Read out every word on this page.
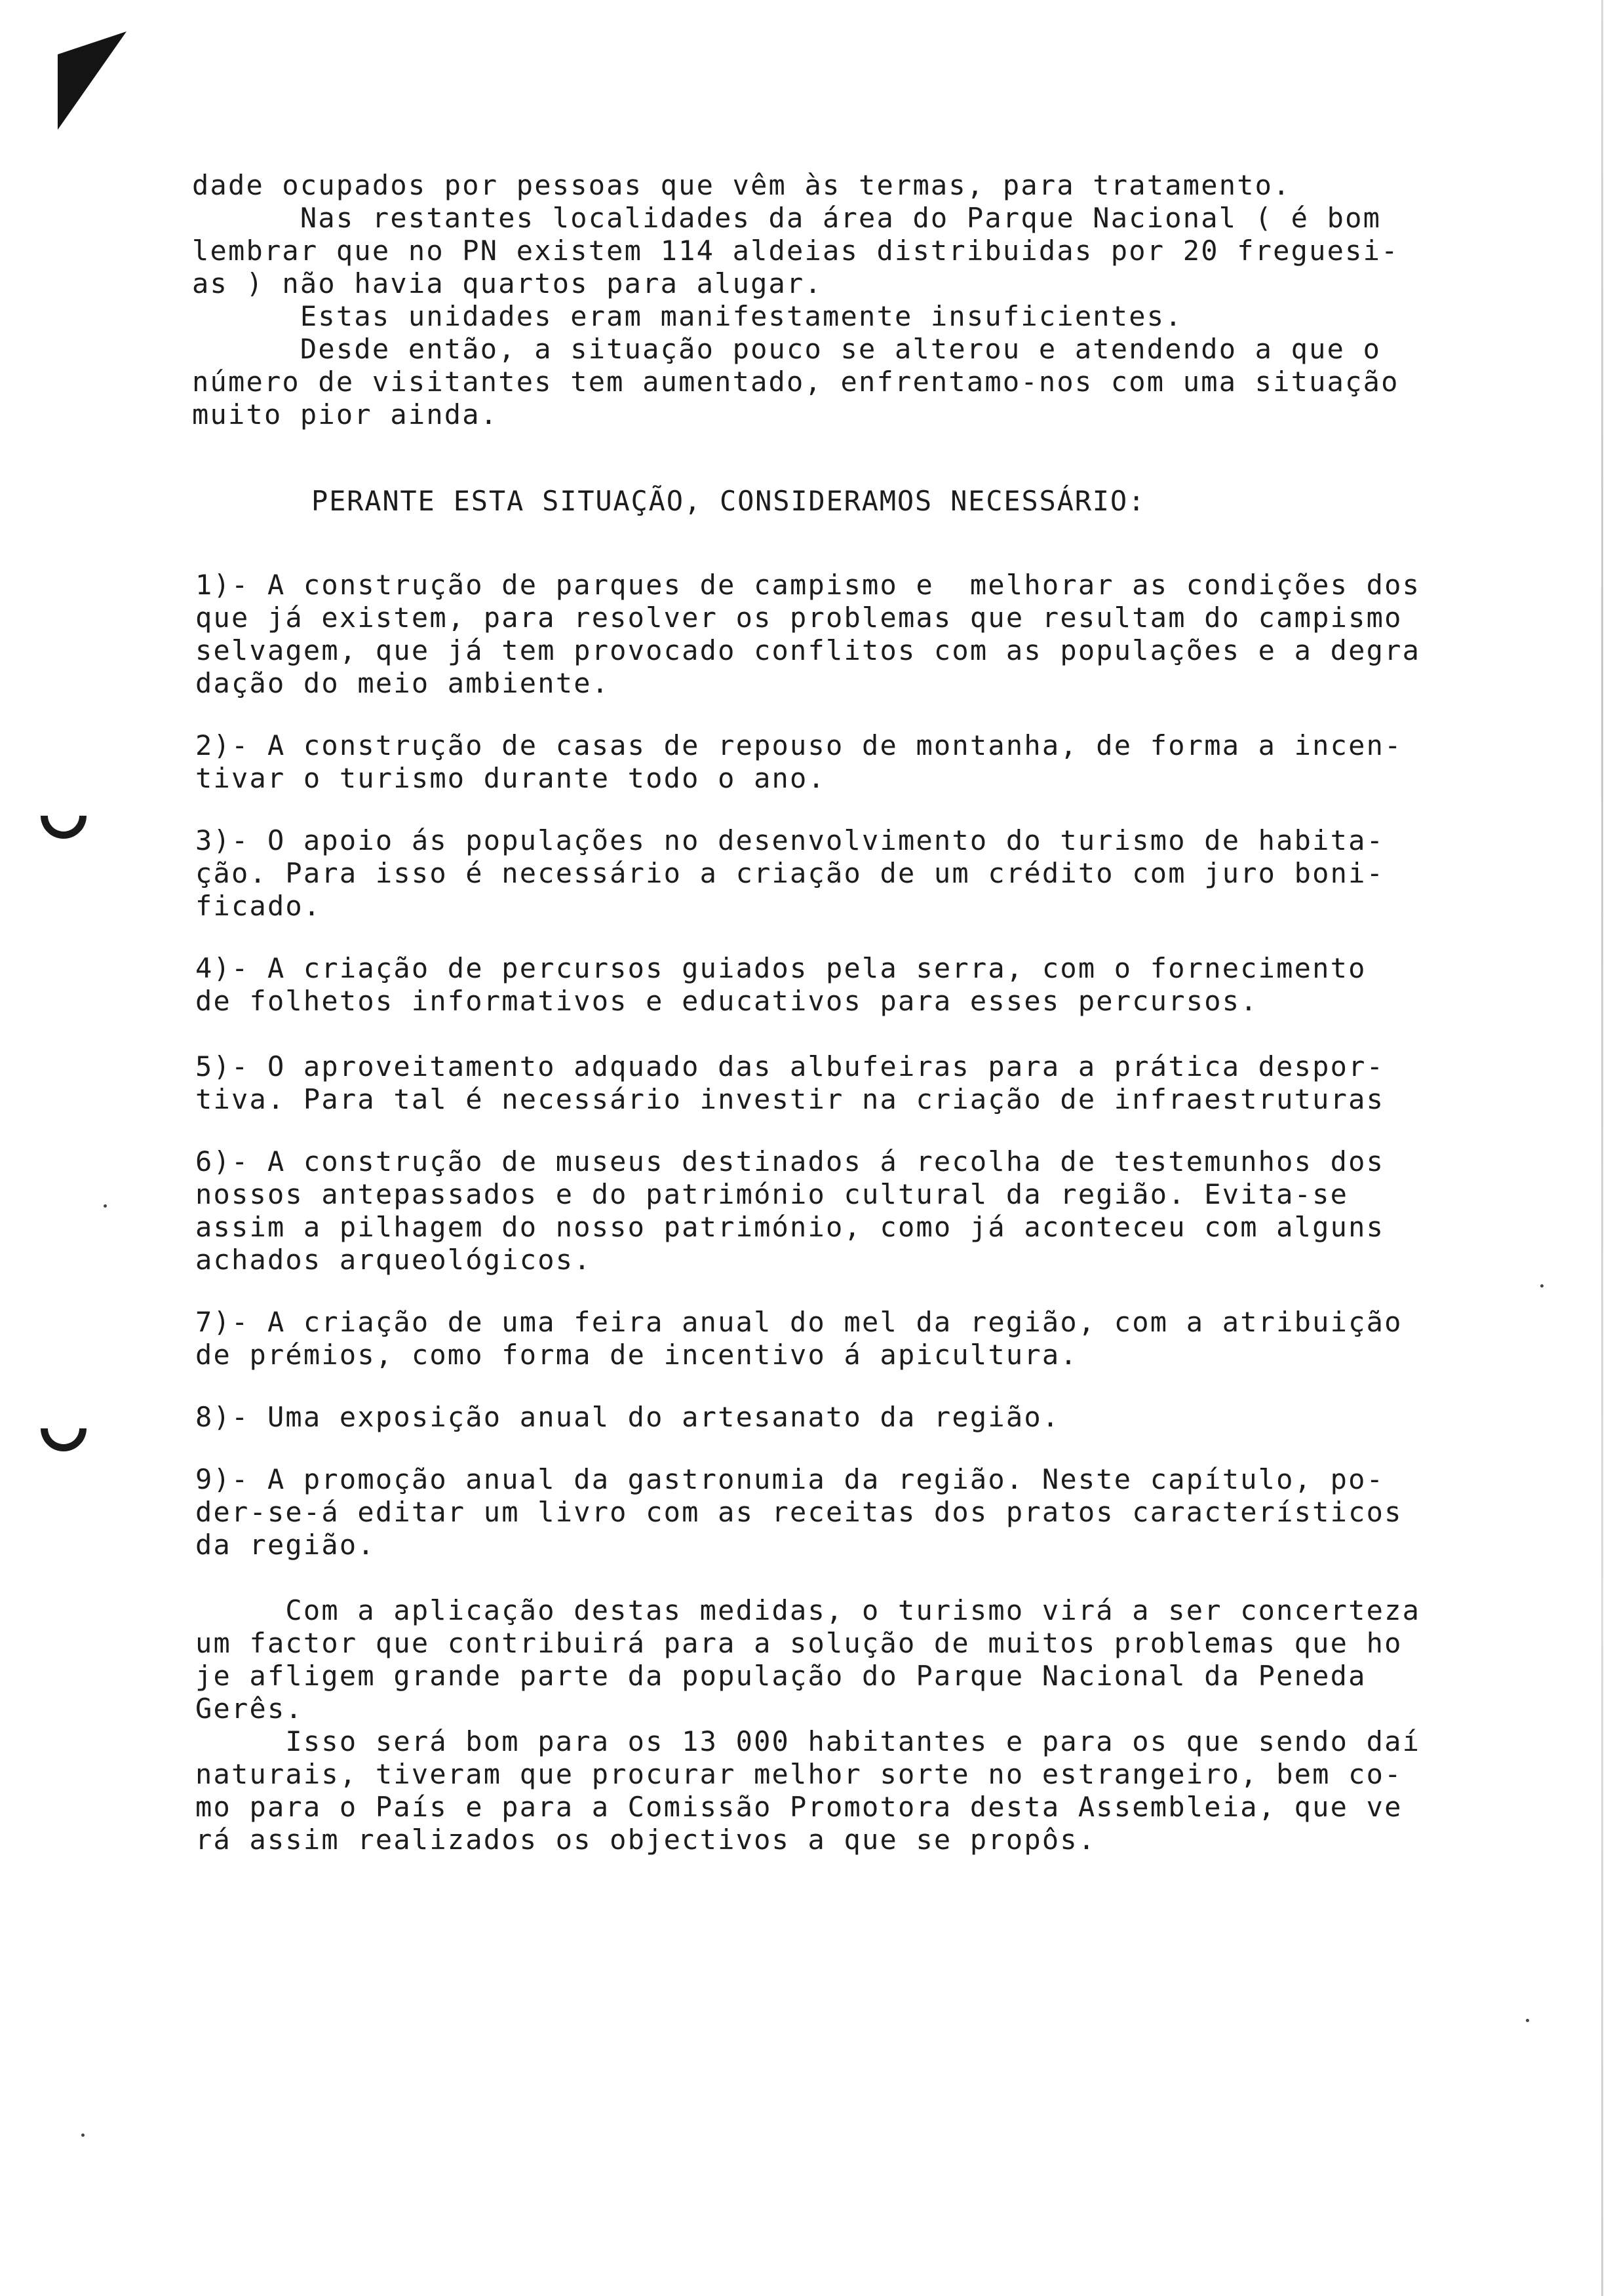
dade ocupados por pessoas que vêm às termas, para tratamento.
Nas restantes localidades da área do Parque Nacional ( é bom
lembrar que no PN existem 114 aldeias distribuidas por 20 freguesi-
as ) não havia quartos para alugar.
Estas unidades eram manifestamente insuficientes.
Desde então, a situação pouco se alterou e atendendo a que o
número de visitantes tem aumentado, enfrentamo-nos com uma situação
muito pior ainda.
PERANTE ESTA SITUAÇÃO, CONSIDERAMOS NECESSÁRIO:
1)- A construção de parques de campismo e  melhorar as condições dos
que já existem, para resolver os problemas que resultam do campismo
selvagem, que já tem provocado conflitos com as populações e a degra
dação do meio ambiente.
2)- A construção de casas de repouso de montanha, de forma a incen-
tivar o turismo durante todo o ano.
3)- O apoio ás populações no desenvolvimento do turismo de habita-
ção. Para isso é necessário a criação de um crédito com juro boni-
ficado.
4)- A criação de percursos guiados pela serra, com o fornecimento
de folhetos informativos e educativos para esses percursos.
5)- O aproveitamento adquado das albufeiras para a prática despor-
tiva. Para tal é necessário investir na criação de infraestruturas
6)- A construção de museus destinados á recolha de testemunhos dos
nossos antepassados e do património cultural da região. Evita-se
assim a pilhagem do nosso património, como já aconteceu com alguns
achados arqueológicos.
7)- A criação de uma feira anual do mel da região, com a atribuição
de prémios, como forma de incentivo á apicultura.
8)- Uma exposição anual do artesanato da região.
9)- A promoção anual da gastronumia da região. Neste capítulo, po-
der-se-á editar um livro com as receitas dos pratos característicos
da região.
Com a aplicação destas medidas, o turismo virá a ser concerteza
um factor que contribuirá para a solução de muitos problemas que ho
je afligem grande parte da população do Parque Nacional da Peneda
Gerês.
Isso será bom para os 13 000 habitantes e para os que sendo daí
naturais, tiveram que procurar melhor sorte no estrangeiro, bem co-
mo para o País e para a Comissão Promotora desta Assembleia, que ve
rá assim realizados os objectivos a que se propôs.
